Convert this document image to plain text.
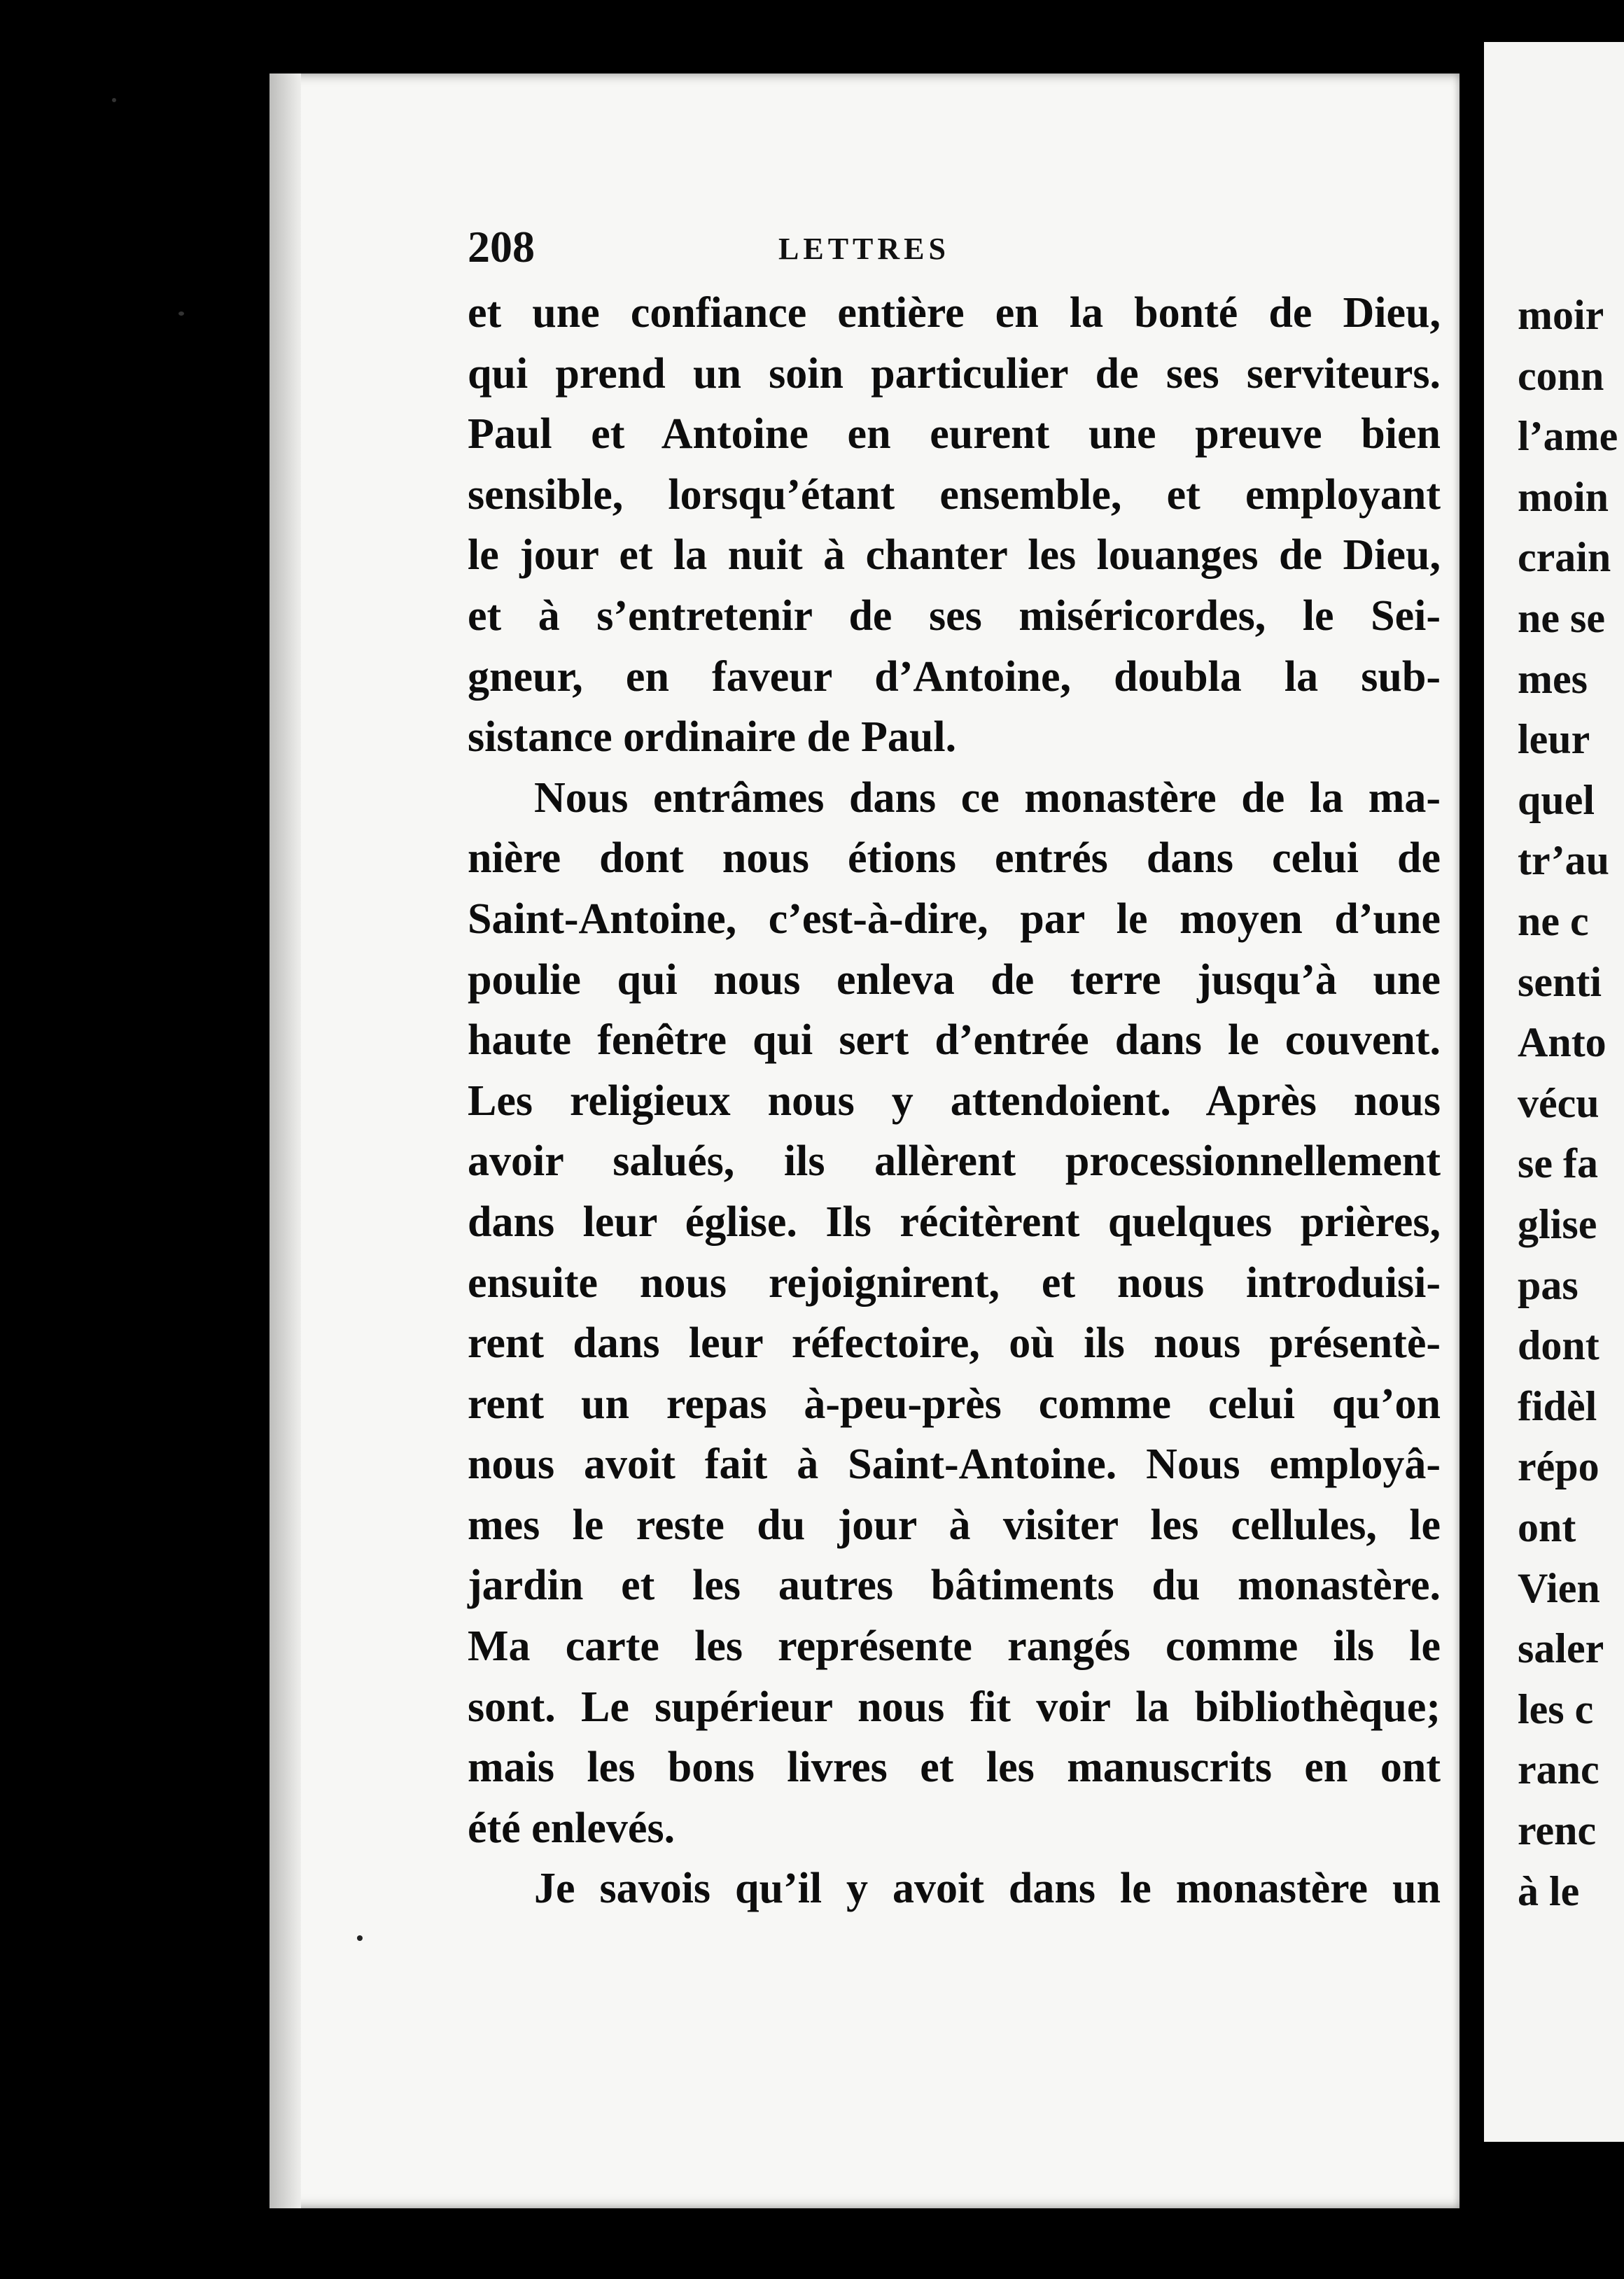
moir
conn
l’ame
moin
crain
ne se
mes
leur
quel
tr’au
ne c
senti
Anto
vécu
se fa
glise
pas
dont
fidèl
répo
ont
Vien
saler
les c
ranc
renc
à le
208	LETTRES
et une confiance entière en la bonté de Dieu,
qui prend un soin particulier de ses serviteurs.
Paul et Antoine en eurent une preuve bien
sensible, lorsqu’étant ensemble, et employant
le jour et la nuit à chanter les louanges de Dieu,
et à s’entretenir de ses miséricordes, le Sei-
gneur, en faveur d’Antoine, doubla la sub-
sistance ordinaire de Paul.
Nous entrâmes dans ce monastère de la ma-
nière dont nous étions entrés dans celui de
Saint-Antoine, c’est-à-dire, par le moyen d’une
poulie qui nous enleva de terre jusqu’à une
haute fenêtre qui sert d’entrée dans le couvent.
Les religieux nous y attendoient. Après nous
avoir salués, ils allèrent processionnellement
dans leur église. Ils récitèrent quelques prières,
ensuite nous rejoignirent, et nous introduisi-
rent dans leur réfectoire, où ils nous présentè-
rent un repas à-peu-près comme celui qu’on
nous avoit fait à Saint-Antoine. Nous employâ-
mes le reste du jour à visiter les cellules, le
jardin et les autres bâtiments du monastère.
Ma carte les représente rangés comme ils le
sont. Le supérieur nous fit voir la bibliothèque;
mais les bons livres et les manuscrits en ont
été enlevés.
Je savois qu’il y avoit dans le monastère un
